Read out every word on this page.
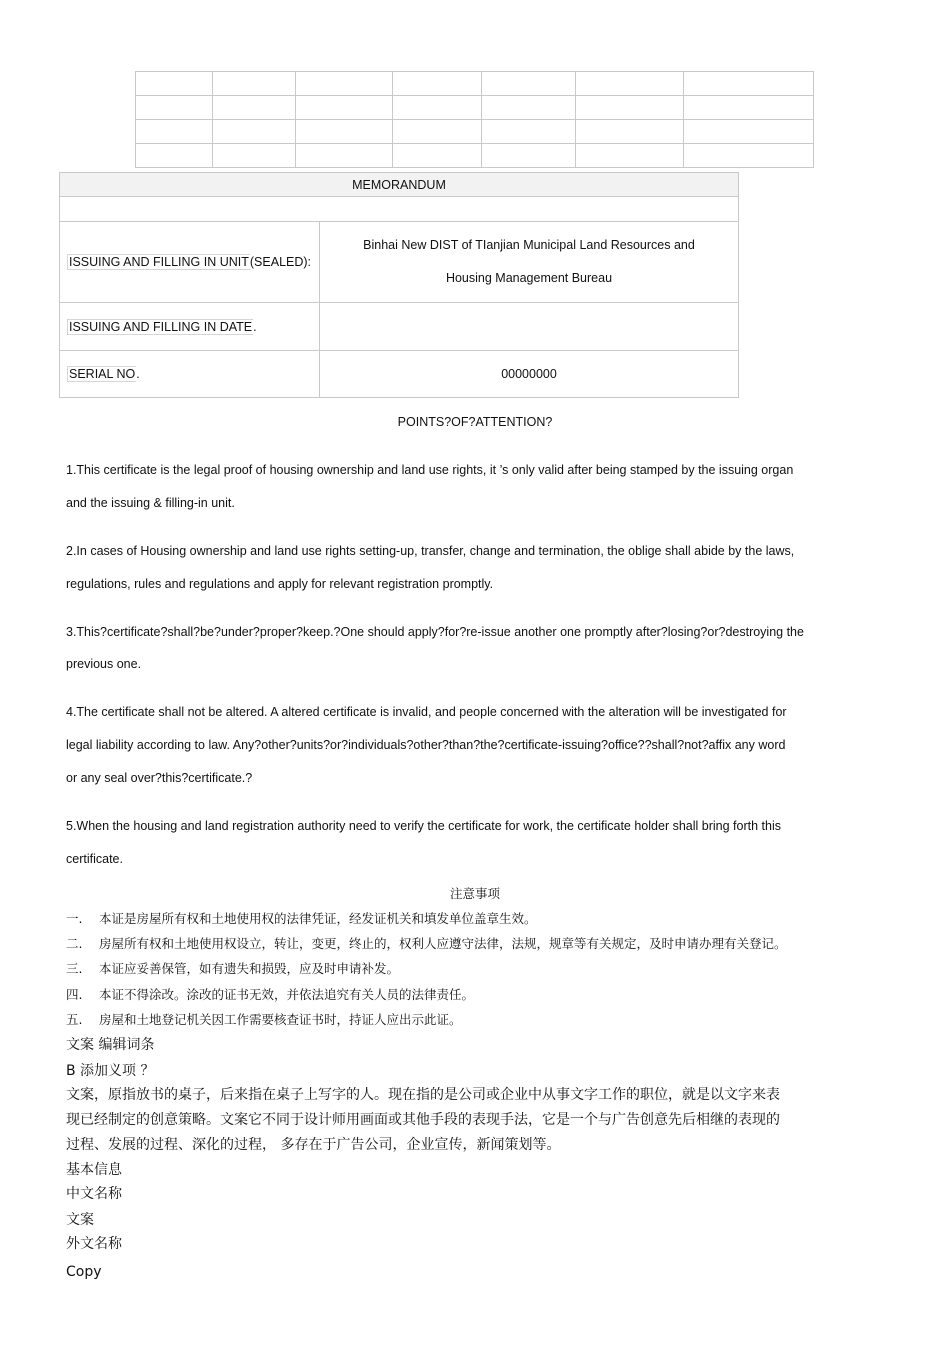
MEMORANDUM	

ISSUING AND FILLING IN UNIT(SEALED):	Binhai New DIST of TIanjian Municipal Land Resources and
Housing Management Bureau

ISSUING AND FILLING IN DATE.	
SERIAL NO.	00000000

POINTS?OF?ATTENTION?

1.This certificate is the legal proof of housing ownership and land use rights, it ’s only valid after being stamped by the issuing organ

and the issuing & filling-in unit.

2.In cases of Housing ownership and land use rights setting-up, transfer, change and termination, the oblige shall abide by the laws,

regulations, rules and regulations and apply for relevant registration promptly.

3.This?certificate?shall?be?under?proper?keep.?One should apply?for?re-issue another one promptly after?losing?or?destroying the

previous one.

4.The certificate shall not be altered. A altered certificate is invalid, and people concerned with the alteration will be investigated for

legal liability according to law. Any?other?units?or?individuals?other?than?the?certificate-issuing?office??shall?not?affix any word

or any seal over?this?certificate.?

5.When the housing and land registration authority need to verify the certificate for work, the certificate holder shall bring forth this

certificate.

注意事项

一. 本证是房屋所有权和土地使用权的法律凭证，经发证机关和填发单位盖章生效。

二. 房屋所有权和土地使用权设立，转让，变更，终止的，权利人应遵守法律，法规，规章等有关规定，及时申请办理有关登记。

三. 本证应妥善保管，如有遗失和损毁，应及时申请补发。

四. 本证不得涂改。涂改的证书无效，并依法追究有关人员的法律责任。

五. 房屋和土地登记机关因工作需要核查证书时，持证人应出示此证。

文案 编辑词条

B 添加义项 ？

文案，原指放书的桌子，后来指在桌子上写字的人。现在指的是公司或企业中从事文字工作的职位，就是以文字来表

现已经制定的创意策略。文案它不同于设计师用画面或其他手段的表现手法，它是一个与广告创意先后相继的表现的

过程、发展的过程、深化的过程， 多存在于广告公司，企业宣传，新闻策划等。

基本信息

中文名称

文案

外文名称

Copy
